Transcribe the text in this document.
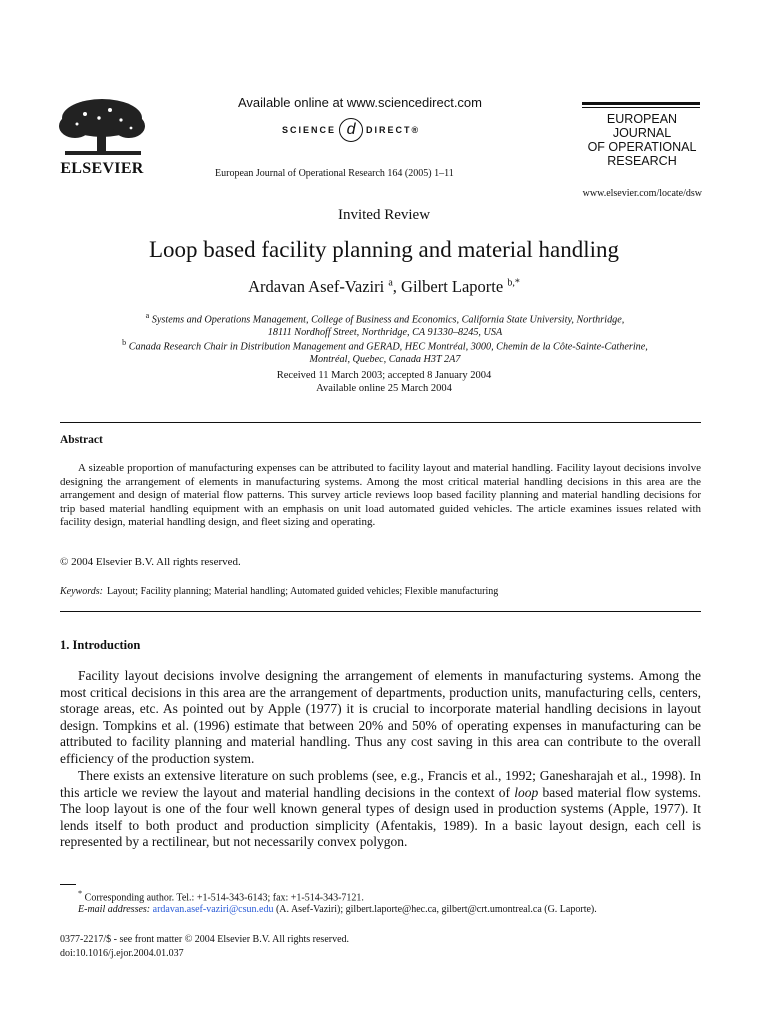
ELSEVIER
Available online at www.sciencedirect.com
SCIENCE d	DIRECT®
European Journal of Operational Research 164 (2005) 1–11
EUROPEAN
JOURNAL
OF OPERATIONAL
RESEARCH
www.elsevier.com/locate/dsw
Invited Review
Loop based facility planning and material handling
Ardavan Asef-Vaziri $^a$, Gilbert Laporte $^{b,*}$
$^a$ Systems and Operations Management, College of Business and Economics, California State University, Northridge,
18111 Nordhoff Street, Northridge, CA 91330–8245, USA
$^b$ Canada Research Chair in Distribution Management and GERAD, HEC Montréal, 3000, Chemin de la Côte-Sainte-Catherine,
Montréal, Quebec, Canada H3T 2A7
Received 11 March 2003; accepted 8 January 2004
Available online 25 March 2004
Abstract
A sizeable proportion of manufacturing expenses can be attributed to facility layout and material handling. Facility layout decisions involve designing the arrangement of elements in manufacturing systems. Among the most critical material handling decisions in this area are the arrangement and design of material flow patterns. This survey article reviews loop based facility planning and material handling decisions for trip based material handling equipment with an emphasis on unit load automated guided vehicles. The article examines issues related with facility design, material handling design, and fleet sizing and operating.
© 2004 Elsevier B.V. All rights reserved.
Keywords: Layout; Facility planning; Material handling; Automated guided vehicles; Flexible manufacturing
1. Introduction
Facility layout decisions involve designing the arrangement of elements in manufacturing systems. Among the most critical decisions in this area are the arrangement of departments, production units, manufacturing cells, centers, storage areas, etc. As pointed out by Apple (1977) it is crucial to incorporate material handling decisions in layout design. Tompkins et al. (1996) estimate that between 20% and 50% of operating expenses in manufacturing can be attributed to facility planning and material handling. Thus any cost saving in this area can contribute to the overall efficiency of the production system.
There exists an extensive literature on such problems (see, e.g., Francis et al., 1992; Ganesharajah et al., 1998). In this article we review the layout and material handling decisions in the context of loop based material flow systems. The loop layout is one of the four well known general types of design used in production systems (Apple, 1977). It lends itself to both product and production simplicity (Afentakis, 1989). In a basic layout design, each cell is represented by a rectilinear, but not necessarily convex polygon.
* Corresponding author. Tel.: +1-514-343-6143; fax: +1-514-343-7121.
E-mail addresses: ardavan.asef-vaziri@csun.edu (A. Asef-Vaziri); gilbert.laporte@hec.ca, gilbert@crt.umontreal.ca (G. Laporte).
0377-2217/$ - see front matter © 2004 Elsevier B.V. All rights reserved.
doi:10.1016/j.ejor.2004.01.037
